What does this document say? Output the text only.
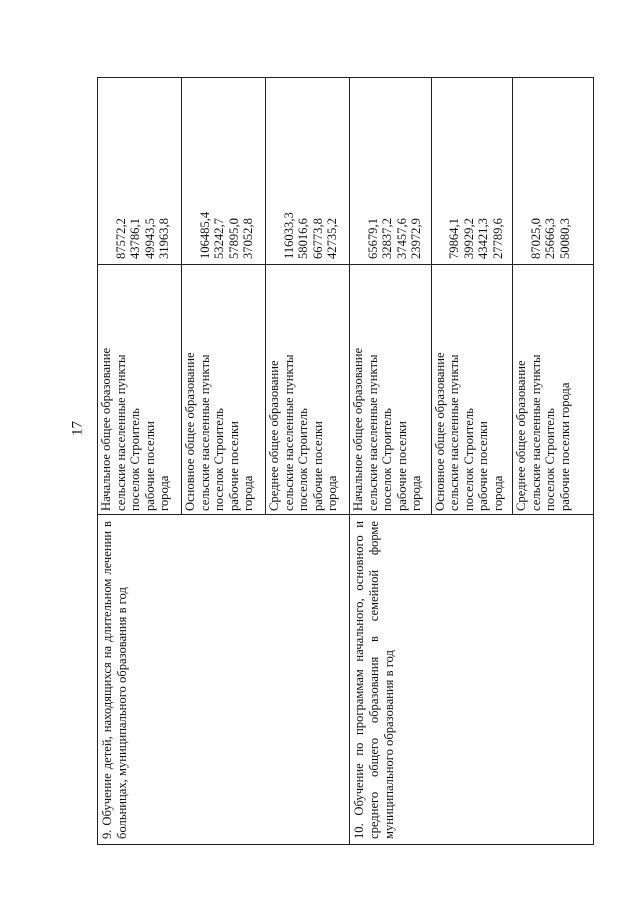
17
9. Обучение детей, находящихся на длительном лечении в больницах, муниципального образования в год
Начальное общее образование сельские населенные пункты поселок Строитель рабочие поселки города
87572,2 43786,1 49943,5 31963,8
Основное общее образование сельские населенные пункты поселок Строитель рабочие поселки города
106485,4 53242,7 57895,0 37052,8
Среднее общее образование сельские населенные пункты поселок Строитель рабочие поселки города
116033,3 58016,6 66773,8 42735,2
10. Обучение по программам начального, основного и среднего общего образования в семейной форме муниципального образования в год
Начальное общее образование сельские населенные пункты поселок Строитель рабочие поселки города
65679,1 32837,2 37457,6 23972,9
Основное общее образование сельские населенные пункты поселок Строитель рабочие поселки города
79864,1 39929,2 43421,3 27789,6
Среднее общее образование сельские населенные пункты поселок Строитель рабочие поселки города
87025,0 25666,3 50080,3
